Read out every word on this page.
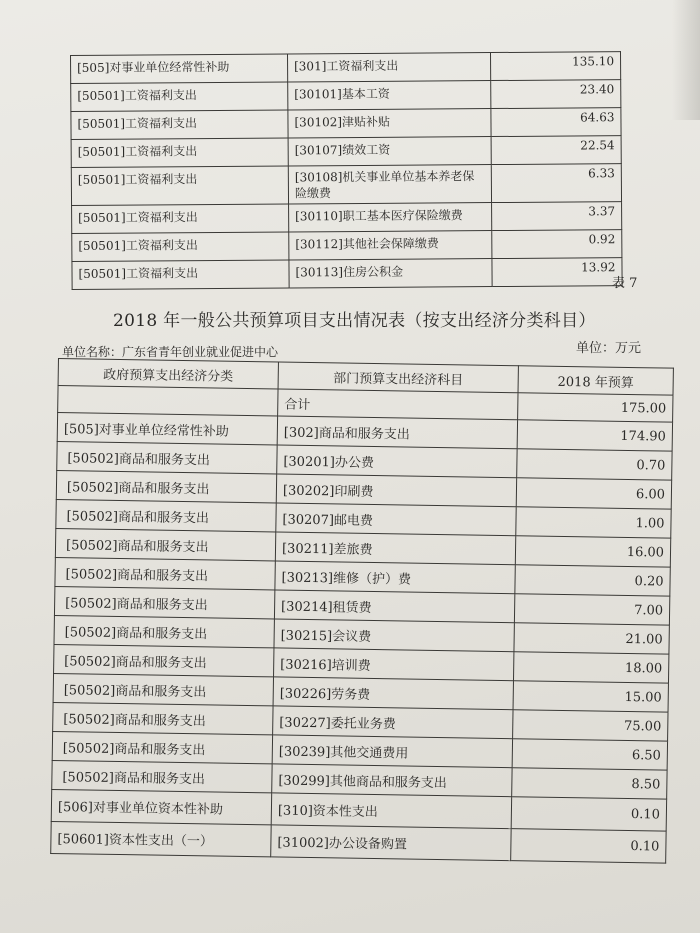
[505]对事业单位经常性补助	[301]工资福利支出	135.10
[50501]工资福利支出	[30101]基本工资	23.40
[50501]工资福利支出	[30102]津贴补贴	64.63
[50501]工资福利支出	[30107]绩效工资	22.54
[50501]工资福利支出	[30108]机关事业单位基本养老保险缴费	6.33
[50501]工资福利支出	[30110]职工基本医疗保险缴费	3.37
[50501]工资福利支出	[30112]其他社会保障缴费	0.92
[50501]工资福利支出	[30113]住房公积金	13.92
表 7
2018 年一般公共预算项目支出情况表（按支出经济分类科目）
单位名称：广东省青年创业就业促进中心	单位：万元
政府预算支出经济分类	部门预算支出经济科目	2018 年预算
	合计	175.00
[505]对事业单位经常性补助	[302]商品和服务支出	174.90
[50502]商品和服务支出	[30201]办公费	0.70
[50502]商品和服务支出	[30202]印刷费	6.00
[50502]商品和服务支出	[30207]邮电费	1.00
[50502]商品和服务支出	[30211]差旅费	16.00
[50502]商品和服务支出	[30213]维修（护）费	0.20
[50502]商品和服务支出	[30214]租赁费	7.00
[50502]商品和服务支出	[30215]会议费	21.00
[50502]商品和服务支出	[30216]培训费	18.00
[50502]商品和服务支出	[30226]劳务费	15.00
[50502]商品和服务支出	[30227]委托业务费	75.00
[50502]商品和服务支出	[30239]其他交通费用	6.50
[50502]商品和服务支出	[30299]其他商品和服务支出	8.50
[506]对事业单位资本性补助	[310]资本性支出	0.10
[50601]资本性支出（一）	[31002]办公设备购置	0.10
